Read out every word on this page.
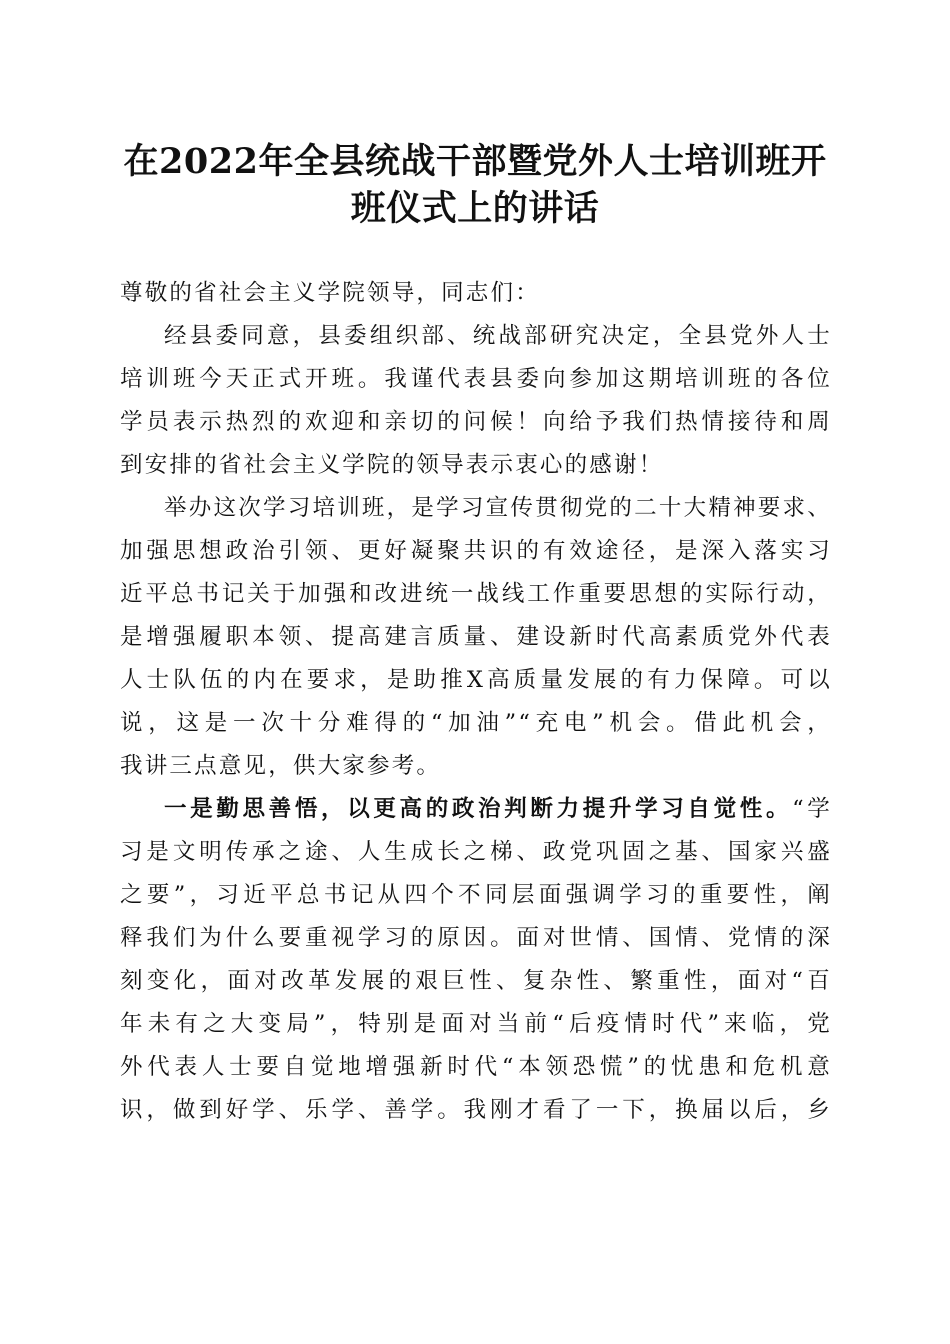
在2022年全县统战干部暨党外人士培训班开
班仪式上的讲话
尊敬的省社会主义学院领导，同志们：
经县委同意，县委组织部、统战部研究决定，全县党外人士
培训班今天正式开班。我谨代表县委向参加这期培训班的各位
学员表示热烈的欢迎和亲切的问候！向给予我们热情接待和周
到安排的省社会主义学院的领导表示衷心的感谢！
举办这次学习培训班，是学习宣传贯彻党的二十大精神要求、
加强思想政治引领、更好凝聚共识的有效途径，是深入落实习
近平总书记关于加强和改进统一战线工作重要思想的实际行动，
是增强履职本领、提高建言质量、建设新时代高素质党外代表
人士队伍的内在要求，是助推X高质量发展的有力保障。可以
说，这是一次十分难得的“加油”“充电”机会。借此机会，
我讲三点意见，供大家参考。
一是勤思善悟，以更高的政治判断力提升学习自觉性。“学
习是文明传承之途、人生成长之梯、政党巩固之基、国家兴盛
之要”，习近平总书记从四个不同层面强调学习的重要性，阐
释我们为什么要重视学习的原因。面对世情、国情、党情的深
刻变化，面对改革发展的艰巨性、复杂性、繁重性，面对“百
年未有之大变局”，特别是面对当前“后疫情时代”来临，党
外代表人士要自觉地增强新时代“本领恐慌”的忧患和危机意
识，做到好学、乐学、善学。我刚才看了一下，换届以后，乡
